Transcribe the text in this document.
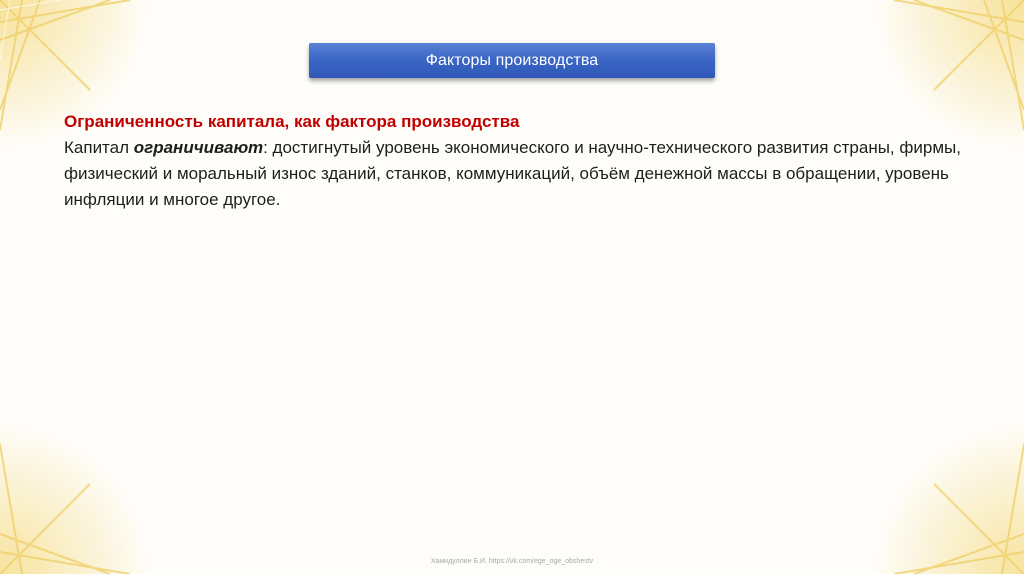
Факторы производства
Ограниченность капитала, как фактора производства
Капитал ограничивают: достигнутый уровень экономического и научно-технического развития страны, фирмы, физический и моральный износ зданий, станков, коммуникаций, объём денежной массы в обращении, уровень инфляции и многое другое.
Хамидуллин Б.И. https://vk.com/ege_oge_obshestv
